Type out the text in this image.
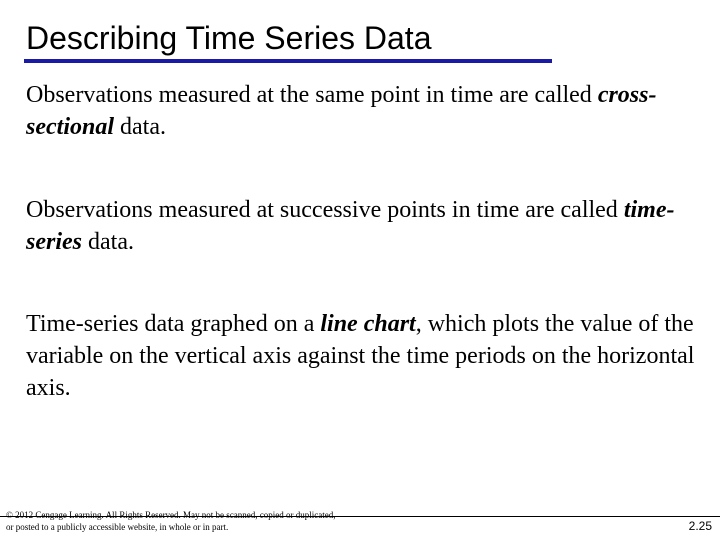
Describing Time Series Data

Observations measured at the same point in time are called cross-sectional data.

Observations measured at successive points in time are called time-series data.

Time-series data graphed on a line chart, which plots the value of the variable on the vertical axis against the time periods on the horizontal axis.

© 2012 Cengage Learning. All Rights Reserved. May not be scanned, copied or duplicated, or posted to a publicly accessible website, in whole or in part.	2.25
